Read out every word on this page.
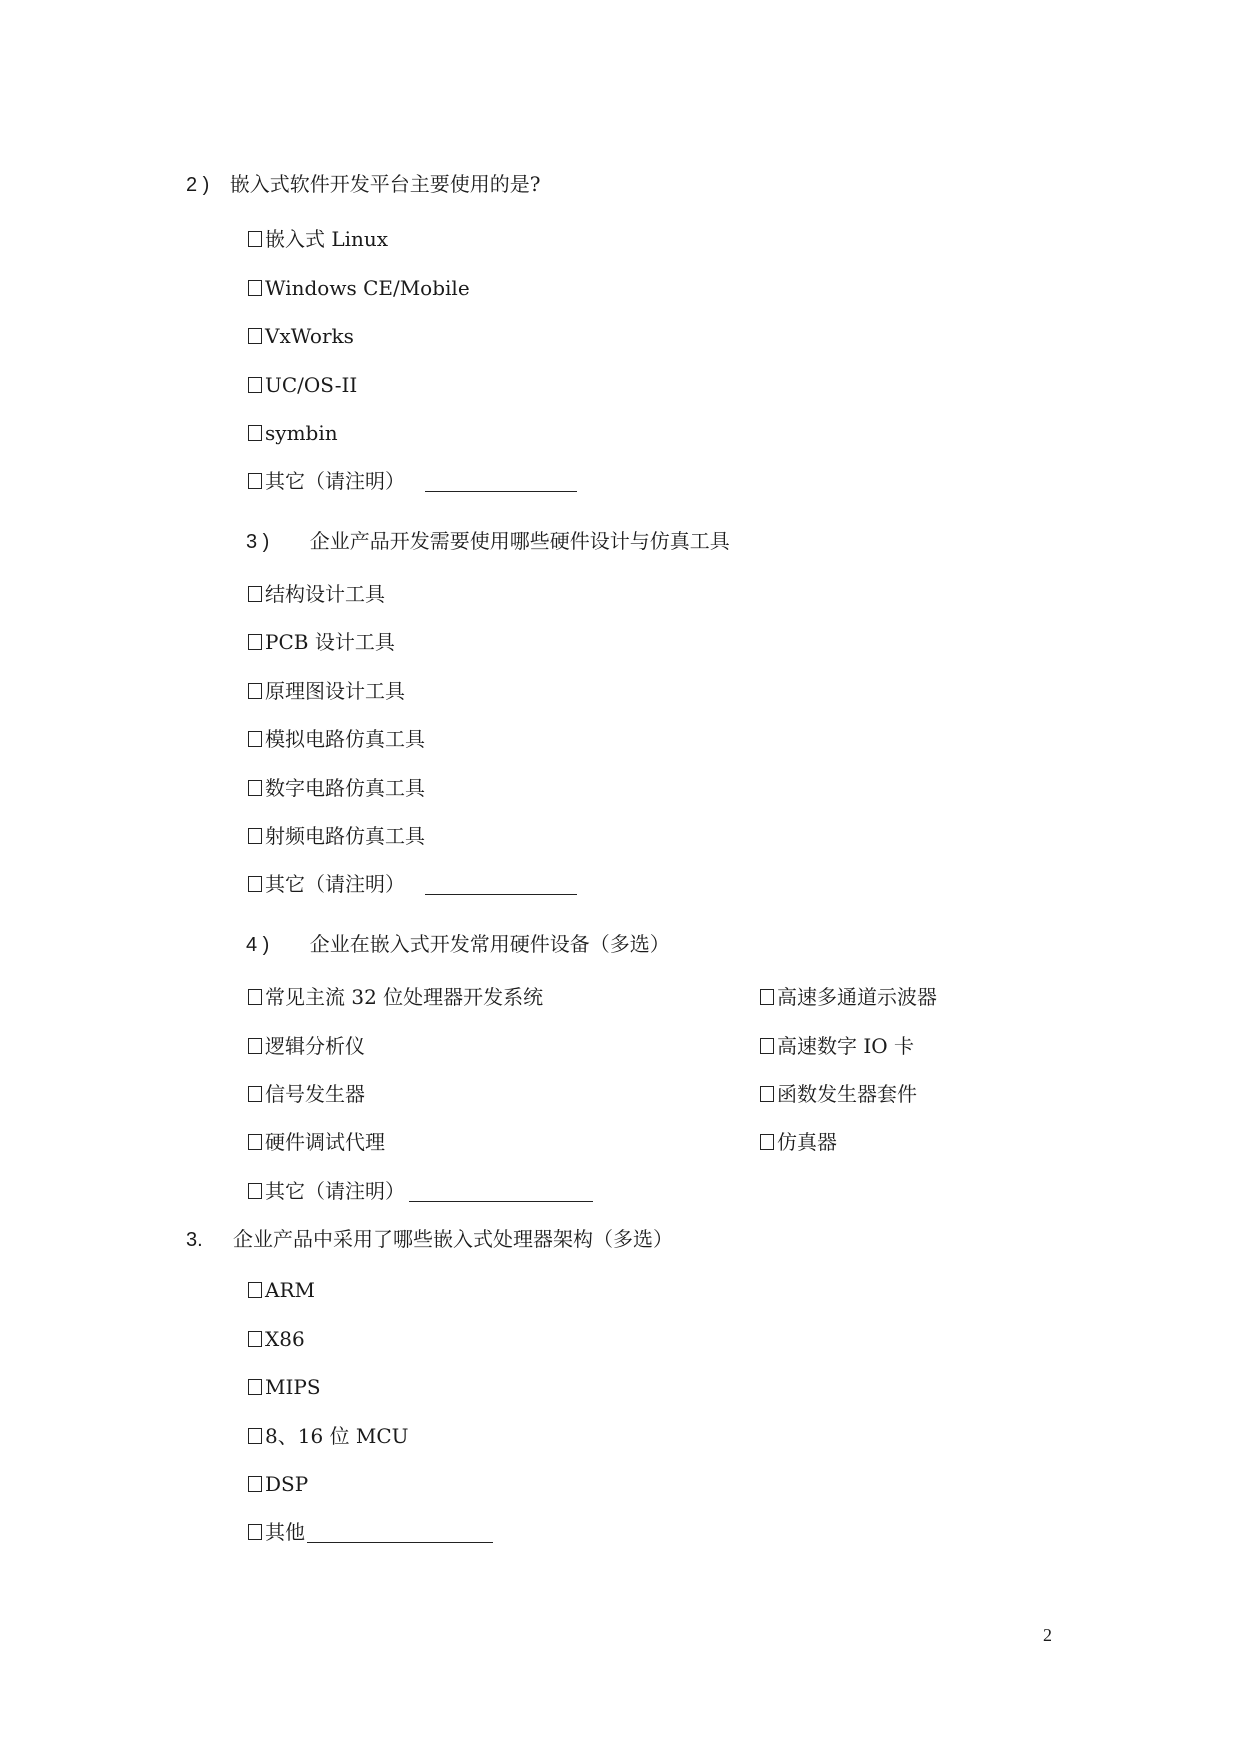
2 ) 嵌入式软件开发平台主要使用的是?
嵌入式 Linux
Windows CE/Mobile
VxWorks
UC/OS-II
symbin
其它（请注明）
3 ) 企业产品开发需要使用哪些硬件设计与仿真工具
结构设计工具
PCB 设计工具
原理图设计工具
模拟电路仿真工具
数字电路仿真工具
射频电路仿真工具
其它（请注明）
4 ) 企业在嵌入式开发常用硬件设备（多选）
常见主流 32 位处理器开发系统	高速多通道示波器
逻辑分析仪	高速数字 IO 卡
信号发生器	函数发生器套件
硬件调试代理	仿真器
其它（请注明）
3. 企业产品中采用了哪些嵌入式处理器架构（多选）
ARM
X86
MIPS
8、16 位 MCU
DSP
其他
2
